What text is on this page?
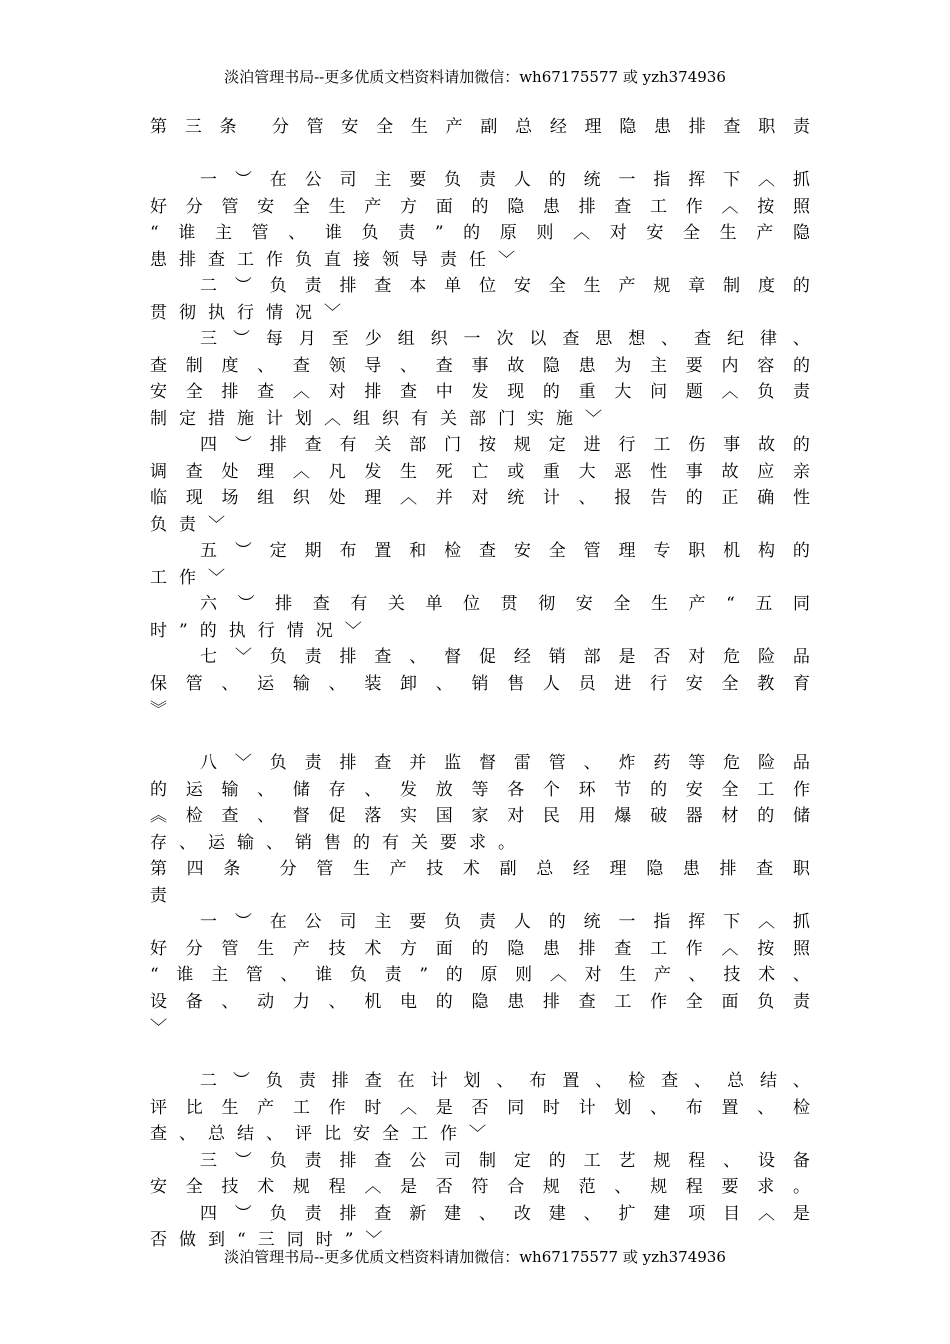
淡泊管理书局--更多优质文档资料请加微信：wh67175577 或 yzh374936
第 三 条 分 管 安 全 生 产 副 总 经 理 隐 患 排 查 职 责
一 ︶ 在 公 司 主 要 负 责 人 的 统 一 指 挥 下 ︿ 抓
好 分 管 安 全 生 产 方 面 的 隐 患 排 查 工 作 ︿ 按 照
“ 谁 主 管 、 谁 负 责 ” 的 原 则 ︿ 对 安 全 生 产 隐
患排查工作负直接领导责任﹀
二 ︶ 负 责 排 查 本 单 位 安 全 生 产 规 章 制 度 的
贯彻执行情况﹀
三 ︶ 每 月 至 少 组 织 一 次 以 查 思 想 、 查 纪 律 、
查 制 度 、 查 领 导 、 查 事 故 隐 患 为 主 要 内 容 的
安 全 排 查 ︿ 对 排 查 中 发 现 的 重 大 问 题 ︿ 负 责
制定措施计划︿组织有关部门实施﹀
四 ︶ 排 查 有 关 部 门 按 规 定 进 行 工 伤 事 故 的
调 查 处 理 ︿ 凡 发 生 死 亡 或 重 大 恶 性 事 故 应 亲
临 现 场 组 织 处 理 ︿ 并 对 统 计 、 报 告 的 正 确 性
负责﹀
五 ︶ 定 期 布 置 和 检 查 安 全 管 理 专 职 机 构 的
工作﹀
六 ︶ 排 查 有 关 单 位 贯 彻 安 全 生 产 “ 五 同
时”的执行情况﹀
七 ﹀ 负 责 排 查 、 督 促 经 销 部 是 否 对 危 险 品
保 管 、 运 输 、 装 卸 、 销 售 人 员 进 行 安 全 教 育
︾
八 ﹀ 负 责 排 查 并 监 督 雷 管 、 炸 药 等 危 险 品
的 运 输 、 储 存 、 发 放 等 各 个 环 节 的 安 全 工 作
︽ 检 查 、 督 促 落 实 国 家 对 民 用 爆 破 器 材 的 储
存、运输、销售的有关要求。
第 四 条 分 管 生 产 技 术 副 总 经 理 隐 患 排 查 职
责
一 ︶ 在 公 司 主 要 负 责 人 的 统 一 指 挥 下 ︿ 抓
好 分 管 生 产 技 术 方 面 的 隐 患 排 查 工 作 ︿ 按 照
“ 谁 主 管 、 谁 负 责 ” 的 原 则 ︿ 对 生 产 、 技 术 、
设 备 、 动 力 、 机 电 的 隐 患 排 查 工 作 全 面 负 责
﹀
二 ︶ 负 责 排 查 在 计 划 、 布 置 、 检 查 、 总 结 、
评 比 生 产 工 作 时 ︿ 是 否 同 时 计 划 、 布 置 、 检
查、总结、评比安全工作﹀
三 ︶ 负 责 排 查 公 司 制 定 的 工 艺 规 程 、 设 备
安 全 技 术 规 程 ︿ 是 否 符 合 规 范 、 规 程 要 求 。
四 ︶ 负 责 排 查 新 建 、 改 建 、 扩 建 项 目 ︿ 是
否做到“三同时”﹀
淡泊管理书局--更多优质文档资料请加微信：wh67175577 或 yzh374936
